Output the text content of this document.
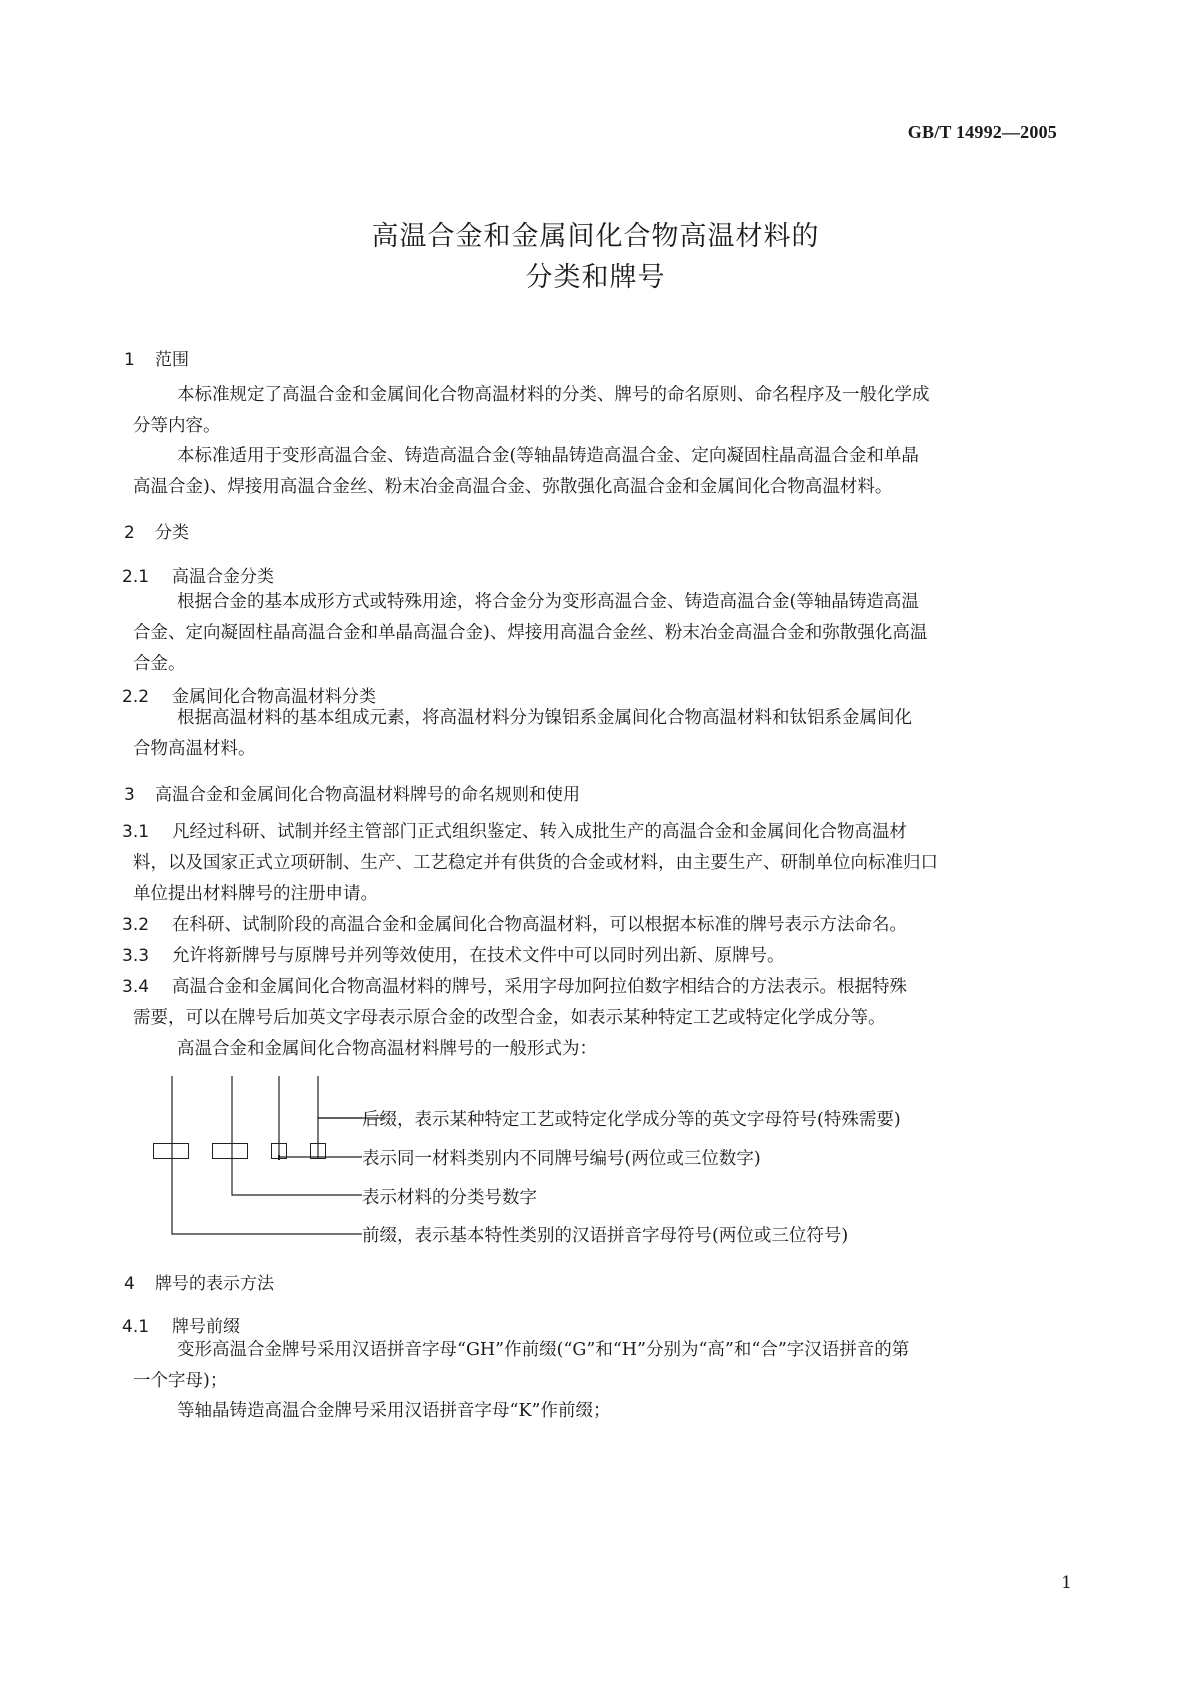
GB/T 14992—2005
高温合金和金属间化合物高温材料的
分类和牌号
1 范围
本标准规定了高温合金和金属间化合物高温材料的分类、牌号的命名原则、命名程序及一般化学成
分等内容。
本标准适用于变形高温合金、铸造高温合金(等轴晶铸造高温合金、定向凝固柱晶高温合金和单晶
高温合金)、焊接用高温合金丝、粉末冶金高温合金、弥散强化高温合金和金属间化合物高温材料。
2 分类
2.1 高温合金分类
根据合金的基本成形方式或特殊用途，将合金分为变形高温合金、铸造高温合金(等轴晶铸造高温
合金、定向凝固柱晶高温合金和单晶高温合金)、焊接用高温合金丝、粉末冶金高温合金和弥散强化高温
合金。
2.2 金属间化合物高温材料分类
根据高温材料的基本组成元素，将高温材料分为镍铝系金属间化合物高温材料和钛铝系金属间化
合物高温材料。
3 高温合金和金属间化合物高温材料牌号的命名规则和使用
3.1 凡经过科研、试制并经主管部门正式组织鉴定、转入成批生产的高温合金和金属间化合物高温材
料，以及国家正式立项研制、生产、工艺稳定并有供货的合金或材料，由主要生产、研制单位向标准归口
单位提出材料牌号的注册申请。
3.2 在科研、试制阶段的高温合金和金属间化合物高温材料，可以根据本标准的牌号表示方法命名。
3.3 允许将新牌号与原牌号并列等效使用，在技术文件中可以同时列出新、原牌号。
3.4 高温合金和金属间化合物高温材料的牌号，采用字母加阿拉伯数字相结合的方法表示。根据特殊
需要，可以在牌号后加英文字母表示原合金的改型合金，如表示某种特定工艺或特定化学成分等。
高温合金和金属间化合物高温材料牌号的一般形式为：
后缀，表示某种特定工艺或特定化学成分等的英文字母符号(特殊需要)
表示同一材料类别内不同牌号编号(两位或三位数字)
表示材料的分类号数字
前缀，表示基本特性类别的汉语拼音字母符号(两位或三位符号)
4 牌号的表示方法
4.1 牌号前缀
变形高温合金牌号采用汉语拼音字母“GH”作前缀(“G”和“H”分别为“高”和“合”字汉语拼音的第
一个字母)；
等轴晶铸造高温合金牌号采用汉语拼音字母“K”作前缀；
1
